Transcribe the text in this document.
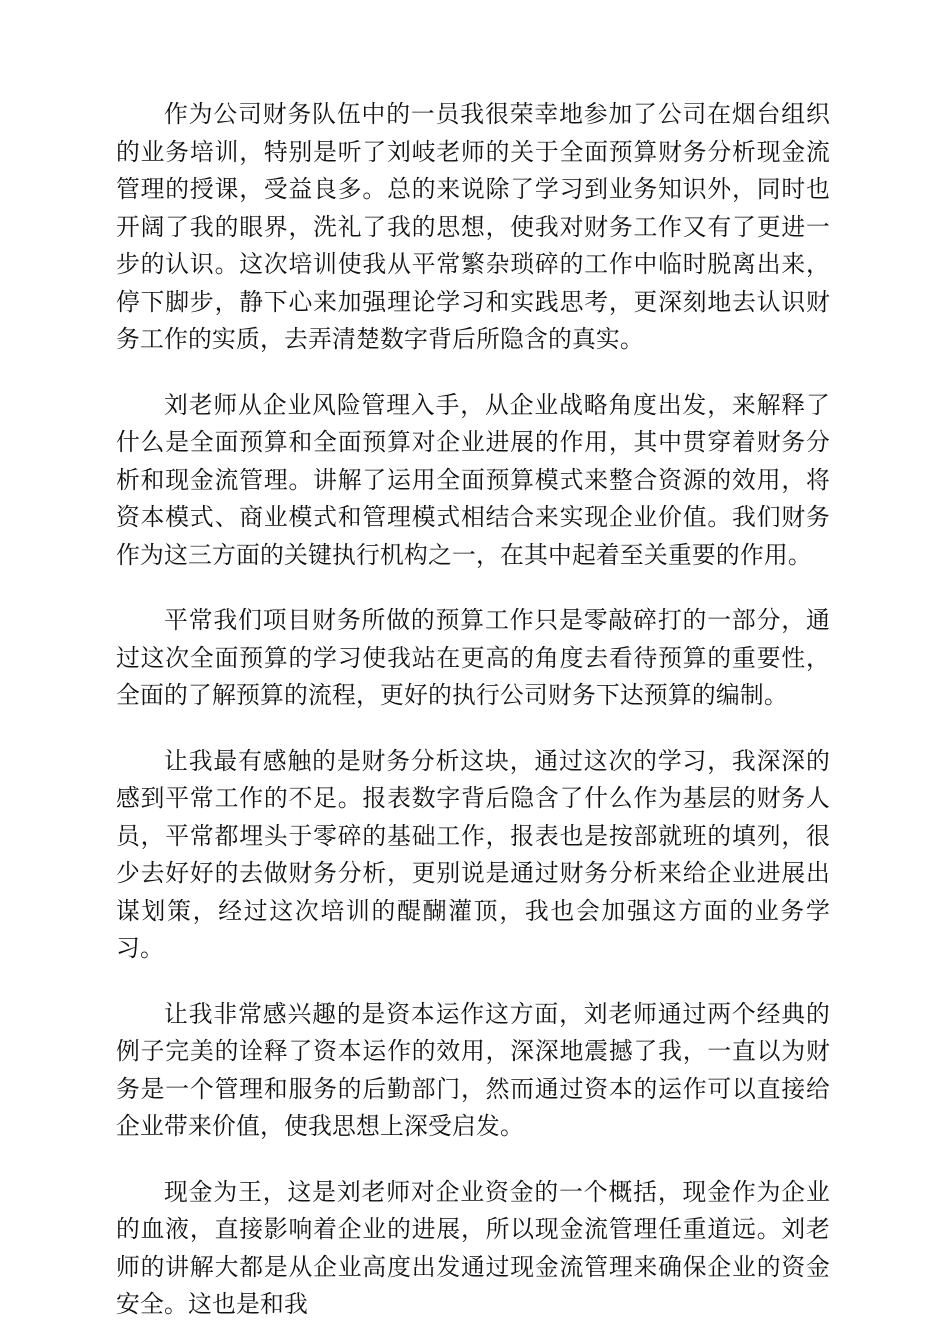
作为公司财务队伍中的一员我很荣幸地参加了公司在烟台组织的业务培训，特别是听了刘岐老师的关于全面预算财务分析现金流管理的授课，受益良多。总的来说除了学习到业务知识外，同时也开阔了我的眼界，洗礼了我的思想，使我对财务工作又有了更进一步的认识。这次培训使我从平常繁杂琐碎的工作中临时脱离出来，停下脚步，静下心来加强理论学习和实践思考，更深刻地去认识财务工作的实质，去弄清楚数字背后所隐含的真实。

刘老师从企业风险管理入手，从企业战略角度出发，来解释了什么是全面预算和全面预算对企业进展的作用，其中贯穿着财务分析和现金流管理。讲解了运用全面预算模式来整合资源的效用，将资本模式、商业模式和管理模式相结合来实现企业价值。我们财务作为这三方面的关键执行机构之一，在其中起着至关重要的作用。

平常我们项目财务所做的预算工作只是零敲碎打的一部分，通过这次全面预算的学习使我站在更高的角度去看待预算的重要性，全面的了解预算的流程，更好的执行公司财务下达预算的编制。

让我最有感触的是财务分析这块，通过这次的学习，我深深的感到平常工作的不足。报表数字背后隐含了什么作为基层的财务人员，平常都埋头于零碎的基础工作，报表也是按部就班的填列，很少去好好的去做财务分析，更别说是通过财务分析来给企业进展出谋划策，经过这次培训的醍醐灌顶，我也会加强这方面的业务学习。

让我非常感兴趣的是资本运作这方面，刘老师通过两个经典的例子完美的诠释了资本运作的效用，深深地震撼了我，一直以为财务是一个管理和服务的后勤部门，然而通过资本的运作可以直接给企业带来价值，使我思想上深受启发。

现金为王，这是刘老师对企业资金的一个概括，现金作为企业的血液，直接影响着企业的进展，所以现金流管理任重道远。刘老师的讲解大都是从企业高度出发通过现金流管理来确保企业的资金安全。这也是和我
